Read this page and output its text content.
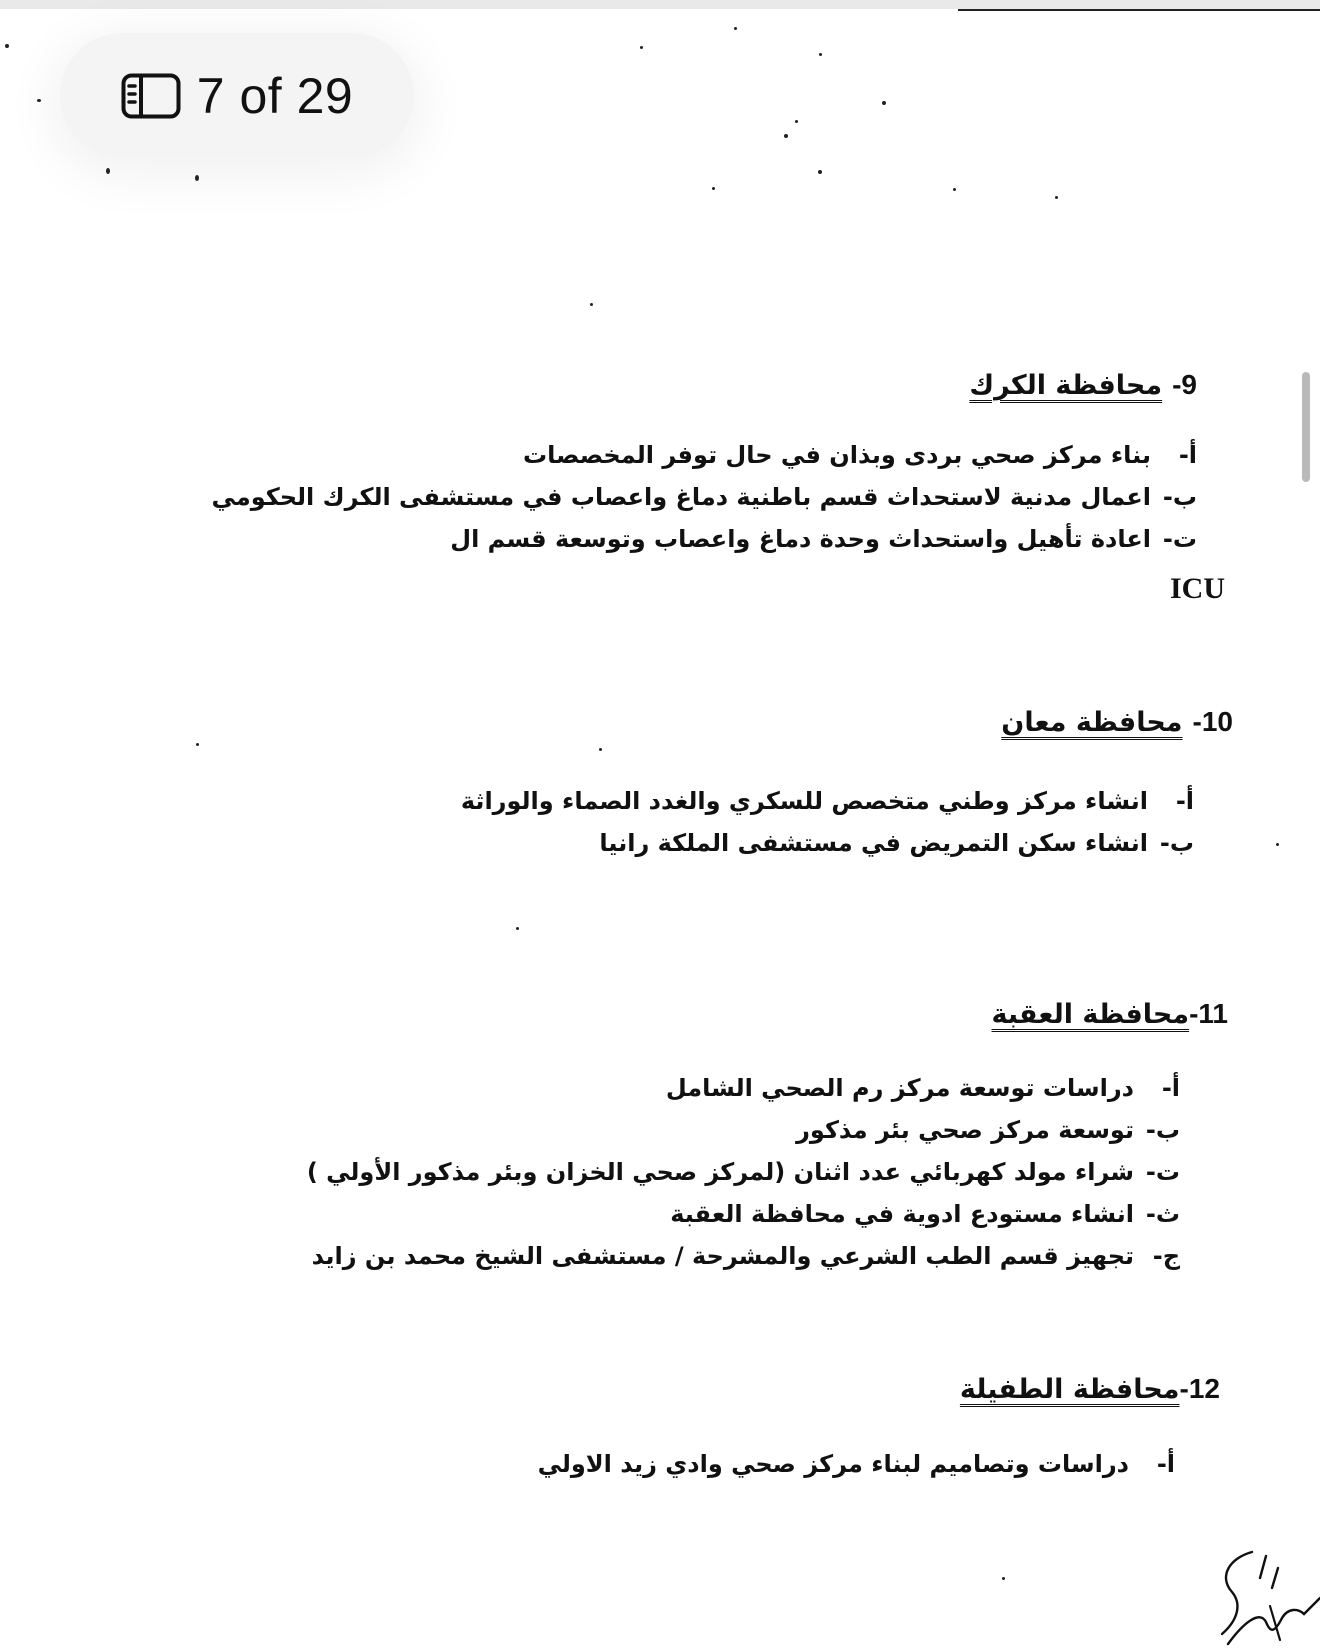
7 of 29
9-
محافظة الكرك
أ-
بناء مركز صحي بردى وبذان في حال توفر المخصصات
ب-
اعمال مدنية لاستحداث قسم باطنية دماغ واعصاب في مستشفى الكرك الحكومي
ت-
اعادة تأهيل واستحداث وحدة دماغ واعصاب وتوسعة قسم ال
ICU
10-
محافظة معان
أ-
انشاء مركز وطني متخصص للسكري والغدد الصماء والوراثة
ب-
انشاء سكن التمريض في مستشفى الملكة رانيا
11-
محافظة العقبة
أ-
دراسات توسعة مركز رم الصحي الشامل
ب-
توسعة مركز صحي بئر مذكور
ت-
شراء مولد كهربائي عدد اثنان (لمركز صحي الخزان وبئر مذكور الأولي )
ث-
انشاء مستودع ادوية في محافظة العقبة
ج-
تجهيز قسم الطب الشرعي والمشرحة / مستشفى الشيخ محمد بن زايد
12-
محافظة الطفيلة
أ-
دراسات وتصاميم لبناء مركز صحي وادي زيد الاولي
